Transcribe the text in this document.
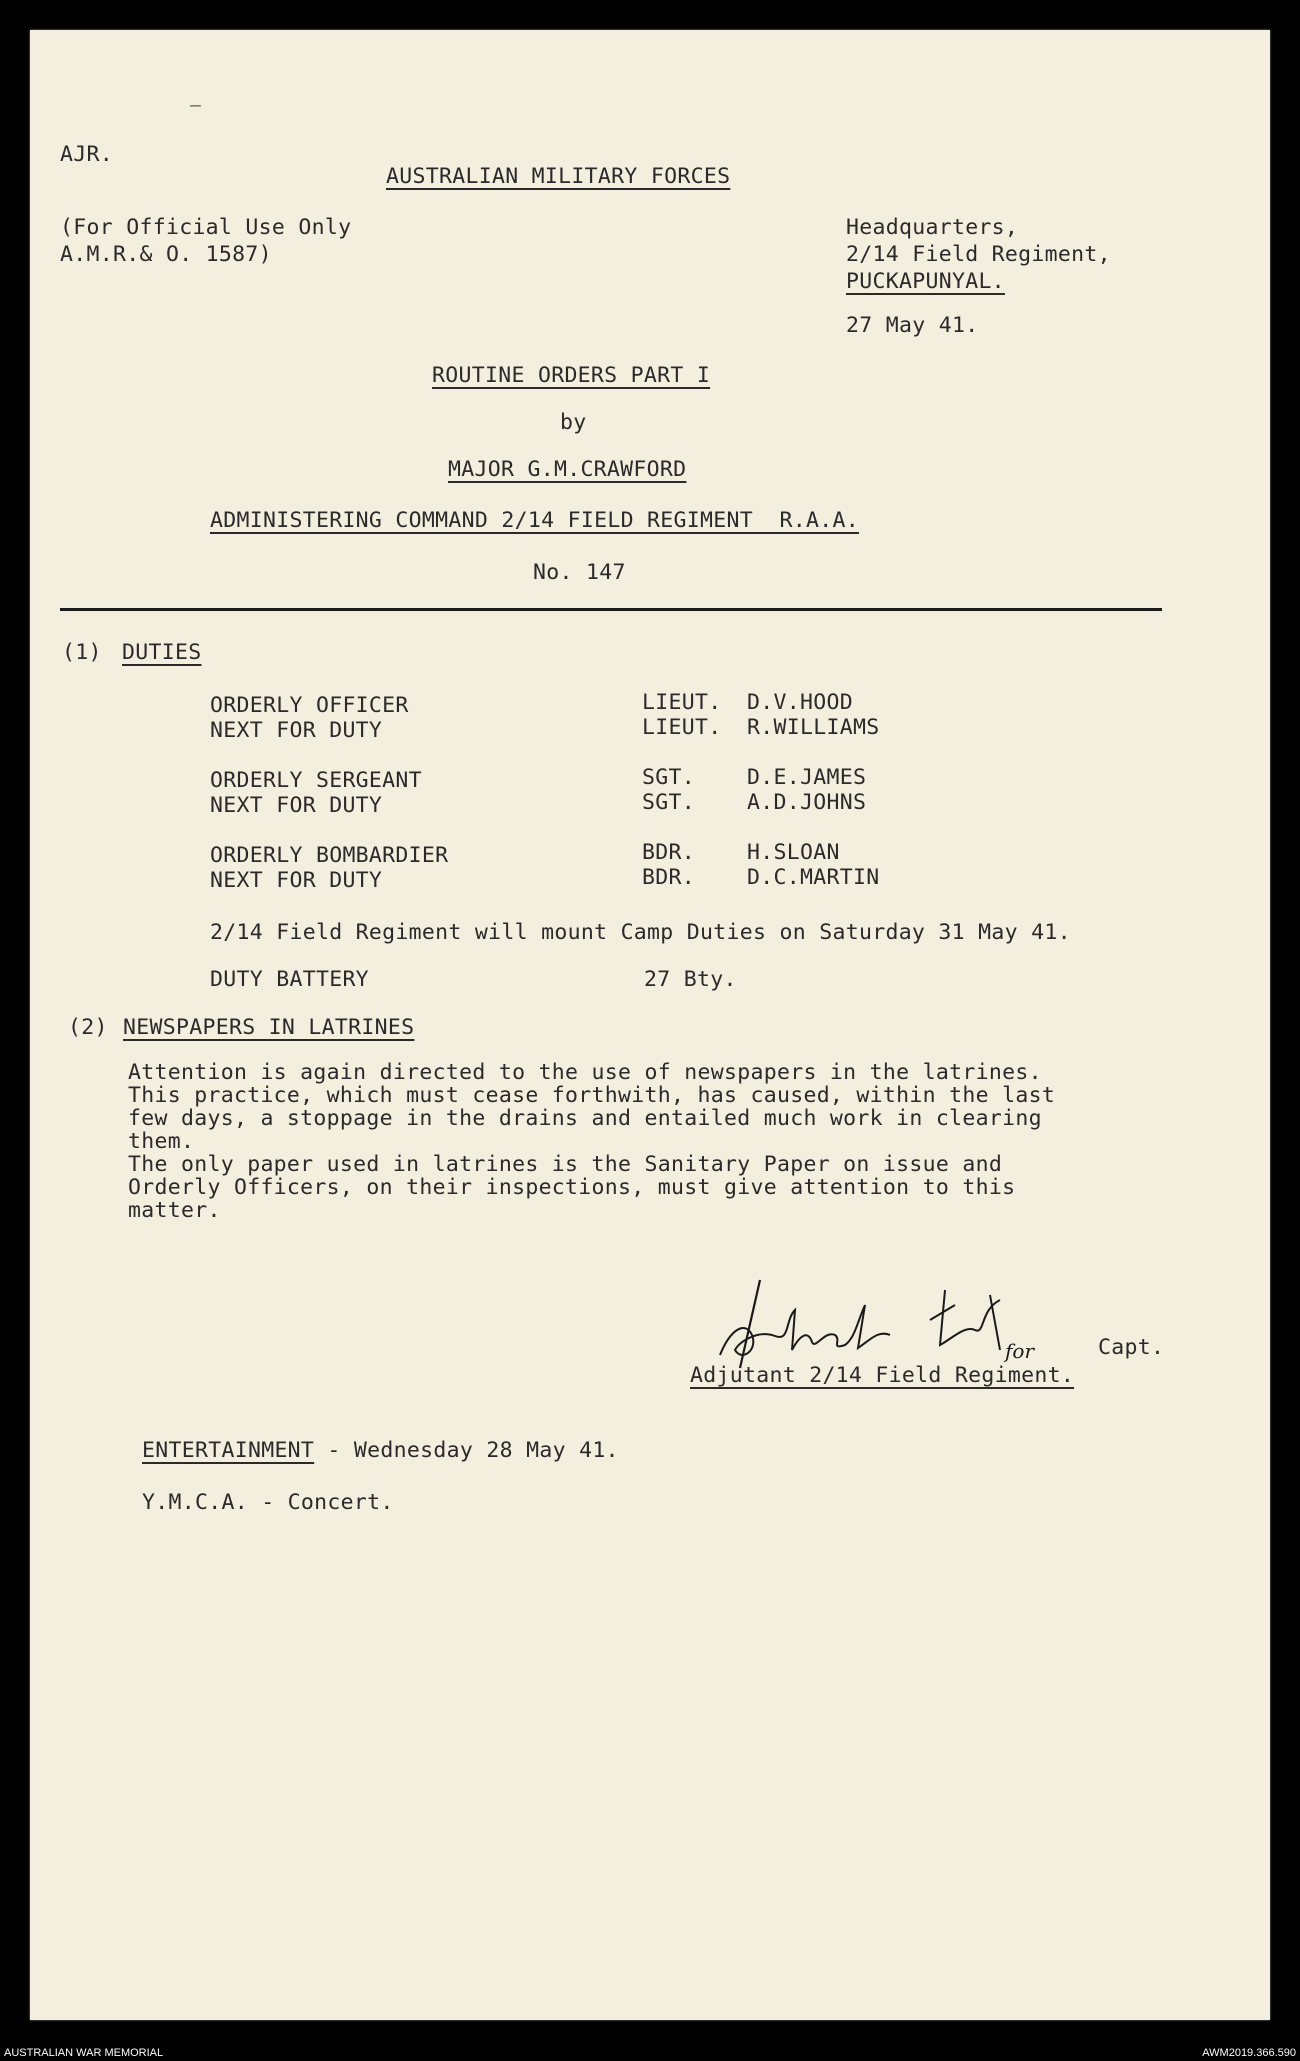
–
AJR.
AUSTRALIAN MILITARY FORCES
(For Official Use Only
A.M.R.& O. 1587)
Headquarters,
2/14 Field Regiment,
PUCKAPUNYAL.
27 May 41.
ROUTINE ORDERS PART I
by
MAJOR G.M.CRAWFORD
ADMINISTERING COMMAND 2/14 FIELD REGIMENT  R.A.A.
No. 147
(1) DUTIES
ORDERLY OFFICER	LIEUT. D.V.HOOD
NEXT FOR DUTY	LIEUT. R.WILLIAMS
ORDERLY SERGEANT	SGT. D.E.JAMES
NEXT FOR DUTY	SGT. A.D.JOHNS
ORDERLY BOMBARDIER	BDR. H.SLOAN
NEXT FOR DUTY	BDR. D.C.MARTIN
2/14 Field Regiment will mount Camp Duties on Saturday 31 May 41.
DUTY BATTERY	27 Bty.
(2) NEWSPAPERS IN LATRINES
Attention is again directed to the use of newspapers in the latrines.
This practice, which must cease forthwith, has caused, within the last
few days, a stoppage in the drains and entailed much work in clearing
them.
The only paper used in latrines is the Sanitary Paper on issue and
Orderly Officers, on their inspections, must give attention to this
matter.
for	Capt.
Adjutant 2/14 Field Regiment.
ENTERTAINMENT - Wednesday 28 May 41.
Y.M.C.A. - Concert.
AUSTRALIAN WAR MEMORIAL	AWM2019.366.590
